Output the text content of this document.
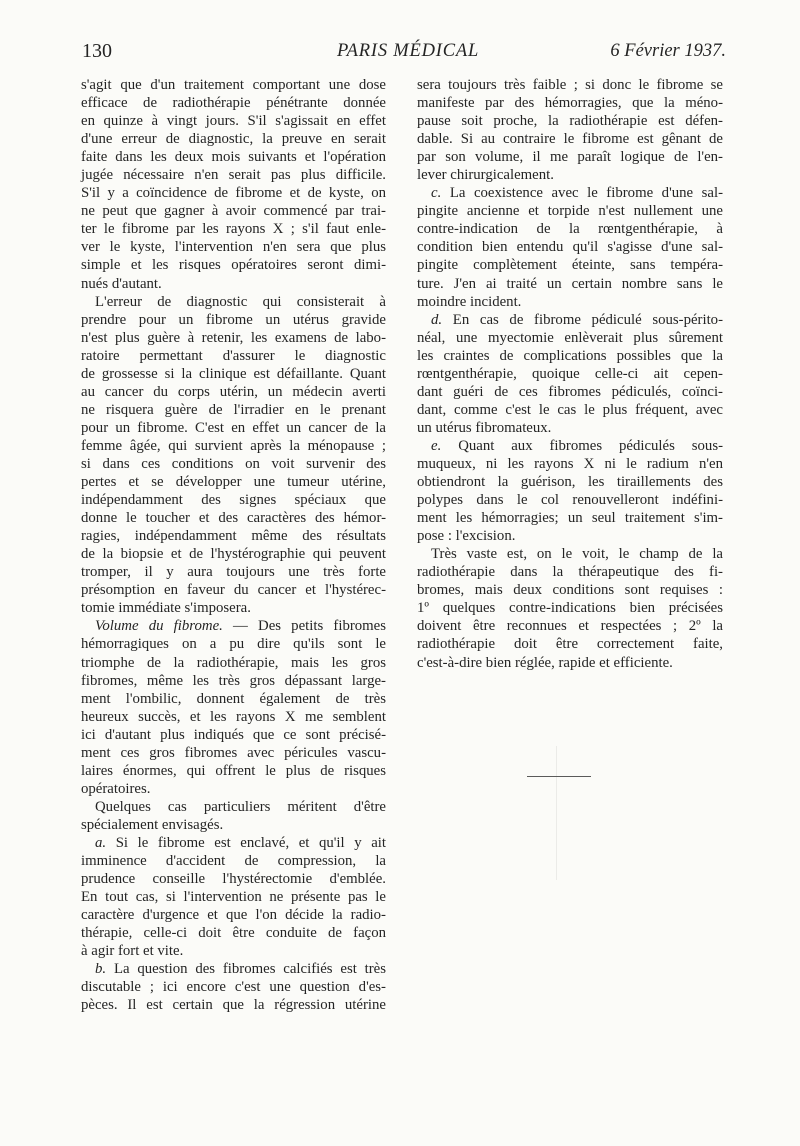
130	PARIS MÉDICAL	6 Février 1937.
s'agit que d'un traitement comportant une dose
efficace de radiothérapie pénétrante donnée
en quinze à vingt jours. S'il s'agissait en effet
d'une erreur de diagnostic, la preuve en serait
faite dans les deux mois suivants et l'opération
jugée nécessaire n'en serait pas plus difficile.
S'il y a coïncidence de fibrome et de kyste, on
ne peut que gagner à avoir commencé par trai-
ter le fibrome par les rayons X ; s'il faut enle-
ver le kyste, l'intervention n'en sera que plus
simple et les risques opératoires seront dimi-
nués d'autant.
L'erreur de diagnostic qui consisterait à
prendre pour un fibrome un utérus gravide
n'est plus guère à retenir, les examens de labo-
ratoire permettant d'assurer le diagnostic
de grossesse si la clinique est défaillante. Quant
au cancer du corps utérin, un médecin averti
ne risquera guère de l'irradier en le prenant
pour un fibrome. C'est en effet un cancer de la
femme âgée, qui survient après la ménopause ;
si dans ces conditions on voit survenir des
pertes et se développer une tumeur utérine,
indépendamment des signes spéciaux que
donne le toucher et des caractères des hémor-
ragies, indépendamment même des résultats
de la biopsie et de l'hystérographie qui peuvent
tromper, il y aura toujours une très forte
présomption en faveur du cancer et l'hystérec-
tomie immédiate s'imposera.
Volume du fibrome. — Des petits fibromes
hémorragiques on a pu dire qu'ils sont le
triomphe de la radiothérapie, mais les gros
fibromes, même les très gros dépassant large-
ment l'ombilic, donnent également de très
heureux succès, et les rayons X me semblent
ici d'autant plus indiqués que ce sont précisé-
ment ces gros fibromes avec péricules vascu-
laires énormes, qui offrent le plus de risques
opératoires.
Quelques cas particuliers méritent d'être
spécialement envisagés.
a. Si le fibrome est enclavé, et qu'il y ait
imminence d'accident de compression, la
prudence conseille l'hystérectomie d'emblée.
En tout cas, si l'intervention ne présente pas le
caractère d'urgence et que l'on décide la radio-
thérapie, celle-ci doit être conduite de façon
à agir fort et vite.
b. La question des fibromes calcifiés est très
discutable ; ici encore c'est une question d'es-
pèces. Il est certain que la régression utérine
sera toujours très faible ; si donc le fibrome se
manifeste par des hémorragies, que la méno-
pause soit proche, la radiothérapie est défen-
dable. Si au contraire le fibrome est gênant de
par son volume, il me paraît logique de l'en-
lever chirurgicalement.
c. La coexistence avec le fibrome d'une sal-
pingite ancienne et torpide n'est nullement une
contre-indication de la rœntgenthérapie, à
condition bien entendu qu'il s'agisse d'une sal-
pingite complètement éteinte, sans tempéra-
ture. J'en ai traité un certain nombre sans le
moindre incident.
d. En cas de fibrome pédiculé sous-périto-
néal, une myectomie enlèverait plus sûrement
les craintes de complications possibles que la
rœntgenthérapie, quoique celle-ci ait cepen-
dant guéri de ces fibromes pédiculés, coïnci-
dant, comme c'est le cas le plus fréquent, avec
un utérus fibromateux.
e. Quant aux fibromes pédiculés sous-
muqueux, ni les rayons X ni le radium n'en
obtiendront la guérison, les tiraillements des
polypes dans le col renouvelleront indéfini-
ment les hémorragies; un seul traitement s'im-
pose : l'excision.
Très vaste est, on le voit, le champ de la
radiothérapie dans la thérapeutique des fi-
bromes, mais deux conditions sont requises :
1º quelques contre-indications bien précisées
doivent être reconnues et respectées ; 2º la
radiothérapie doit être correctement faite,
c'est-à-dire bien réglée, rapide et efficiente.
